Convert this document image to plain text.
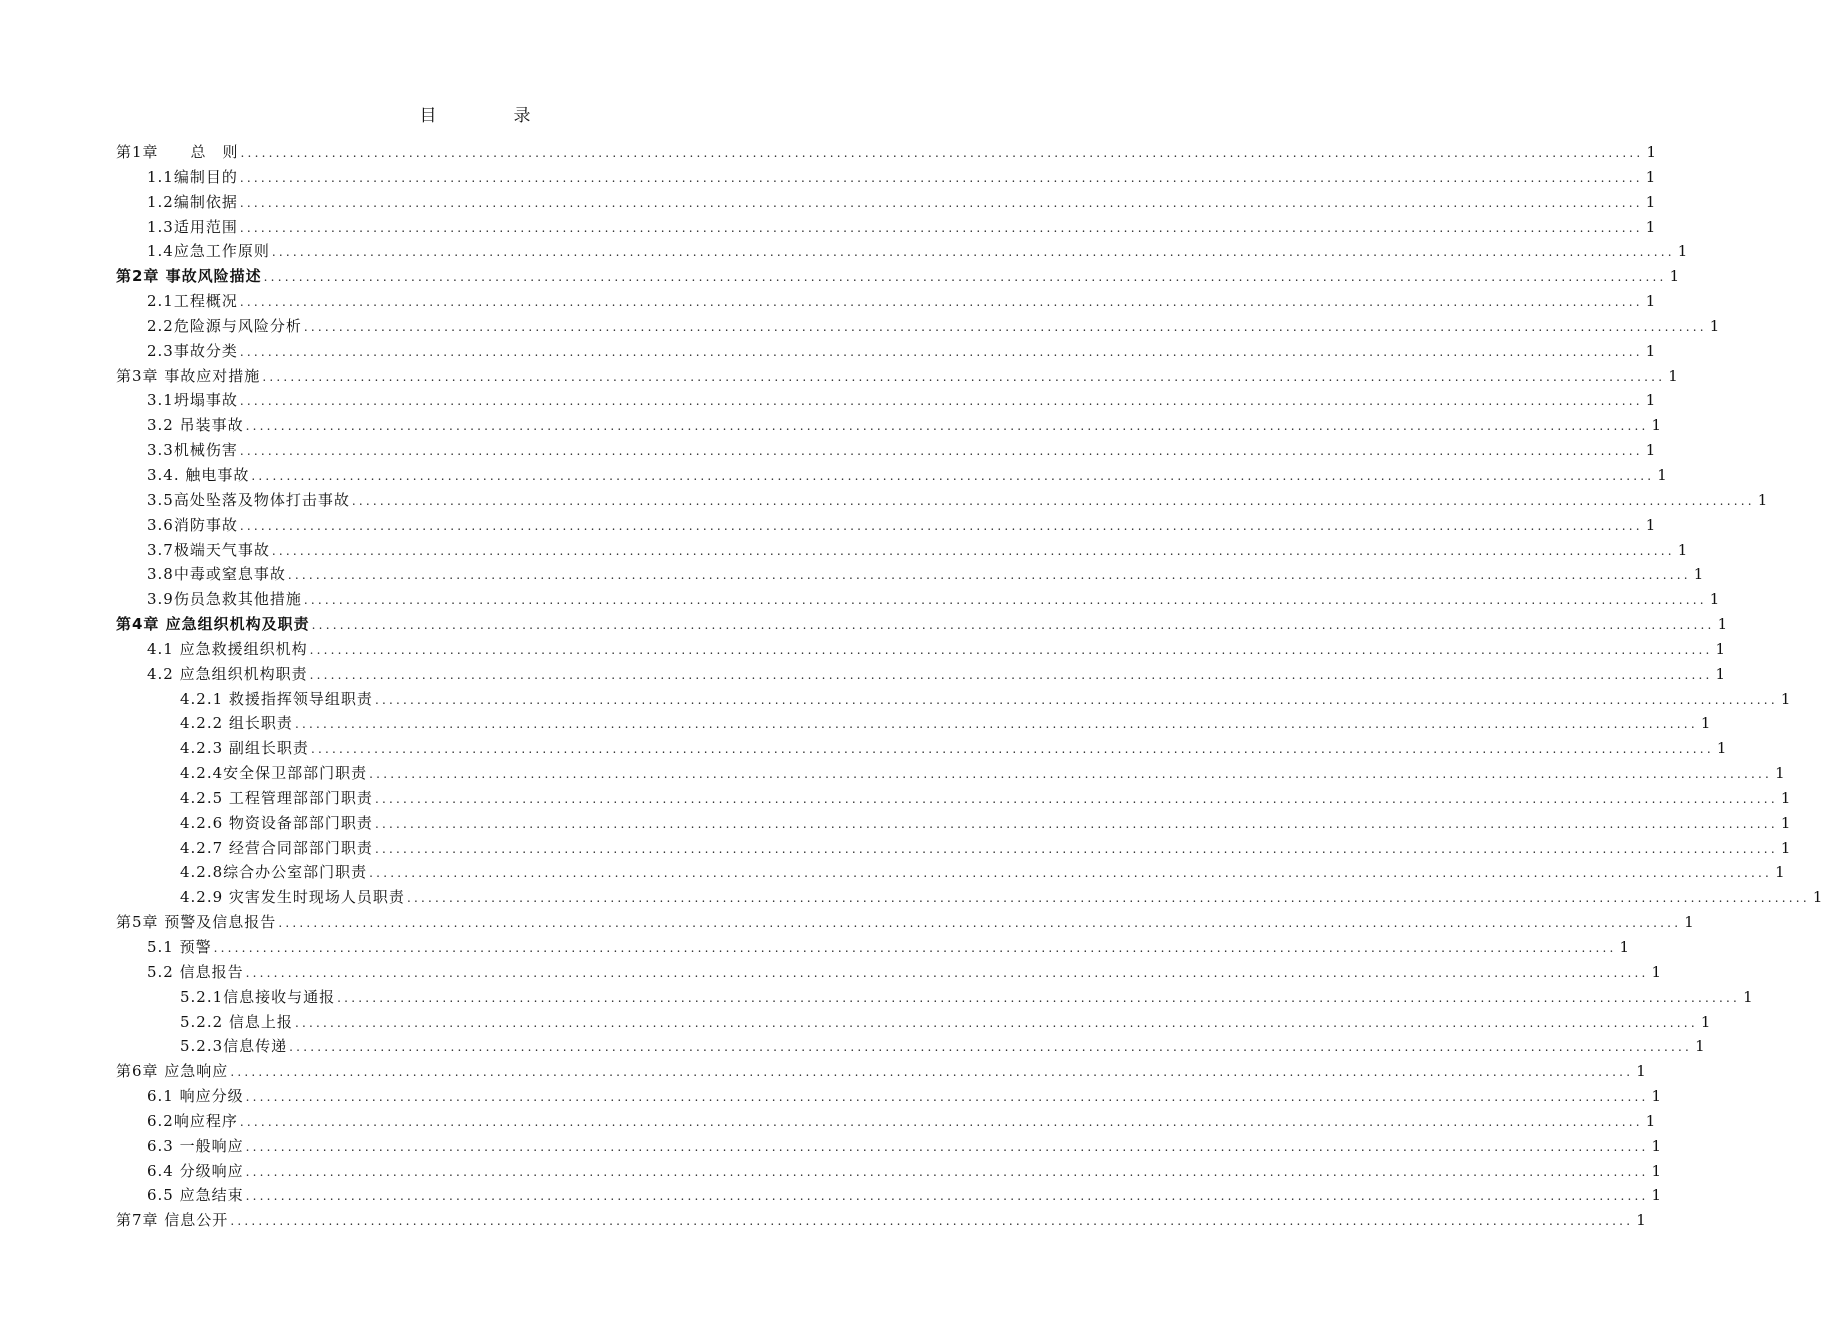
目　录
第1章　　总　则 ........................................................................................................................................................................................................ 1
1.1编制目的 ........................................................................................................................................................................................................ 1
1.2编制依据 ........................................................................................................................................................................................................ 1
1.3适用范围 ........................................................................................................................................................................................................ 1
1.4应急工作原则 ........................................................................................................................................................................................................ 1
第2章 事故风险描述 ........................................................................................................................................................................................................ 1
2.1工程概况 ........................................................................................................................................................................................................ 1
2.2危险源与风险分析 ........................................................................................................................................................................................................ 1
2.3事故分类 ........................................................................................................................................................................................................ 1
第3章 事故应对措施 ........................................................................................................................................................................................................ 1
3.1坍塌事故 ........................................................................................................................................................................................................ 1
3.2 吊装事故 ........................................................................................................................................................................................................ 1
3.3机械伤害 ........................................................................................................................................................................................................ 1
3.4. 触电事故 ........................................................................................................................................................................................................ 1
3.5高处坠落及物体打击事故 ........................................................................................................................................................................................................ 1
3.6消防事故 ........................................................................................................................................................................................................ 1
3.7极端天气事故 ........................................................................................................................................................................................................ 1
3.8中毒或窒息事故 ........................................................................................................................................................................................................ 1
3.9伤员急救其他措施 ........................................................................................................................................................................................................ 1
第4章 应急组织机构及职责 ........................................................................................................................................................................................................ 1
4.1 应急救援组织机构 ........................................................................................................................................................................................................ 1
4.2 应急组织机构职责 ........................................................................................................................................................................................................ 1
4.2.1 救援指挥领导组职责 ........................................................................................................................................................................................................ 1
4.2.2 组长职责 ........................................................................................................................................................................................................ 1
4.2.3 副组长职责 ........................................................................................................................................................................................................ 1
4.2.4安全保卫部部门职责 ........................................................................................................................................................................................................ 1
4.2.5 工程管理部部门职责 ........................................................................................................................................................................................................ 1
4.2.6 物资设备部部门职责 ........................................................................................................................................................................................................ 1
4.2.7 经营合同部部门职责 ........................................................................................................................................................................................................ 1
4.2.8综合办公室部门职责 ........................................................................................................................................................................................................ 1
4.2.9 灾害发生时现场人员职责 ........................................................................................................................................................................................................ 1
第5章 预警及信息报告 ........................................................................................................................................................................................................ 1
5.1 预警 ........................................................................................................................................................................................................ 1
5.2 信息报告 ........................................................................................................................................................................................................ 1
5.2.1信息接收与通报 ........................................................................................................................................................................................................ 1
5.2.2 信息上报 ........................................................................................................................................................................................................ 1
5.2.3信息传递 ........................................................................................................................................................................................................ 1
第6章 应急响应 ........................................................................................................................................................................................................ 1
6.1 响应分级 ........................................................................................................................................................................................................ 1
6.2响应程序 ........................................................................................................................................................................................................ 1
6.3 一般响应 ........................................................................................................................................................................................................ 1
6.4 分级响应 ........................................................................................................................................................................................................ 1
6.5 应急结束 ........................................................................................................................................................................................................ 1
第7章 信息公开 ........................................................................................................................................................................................................ 1
